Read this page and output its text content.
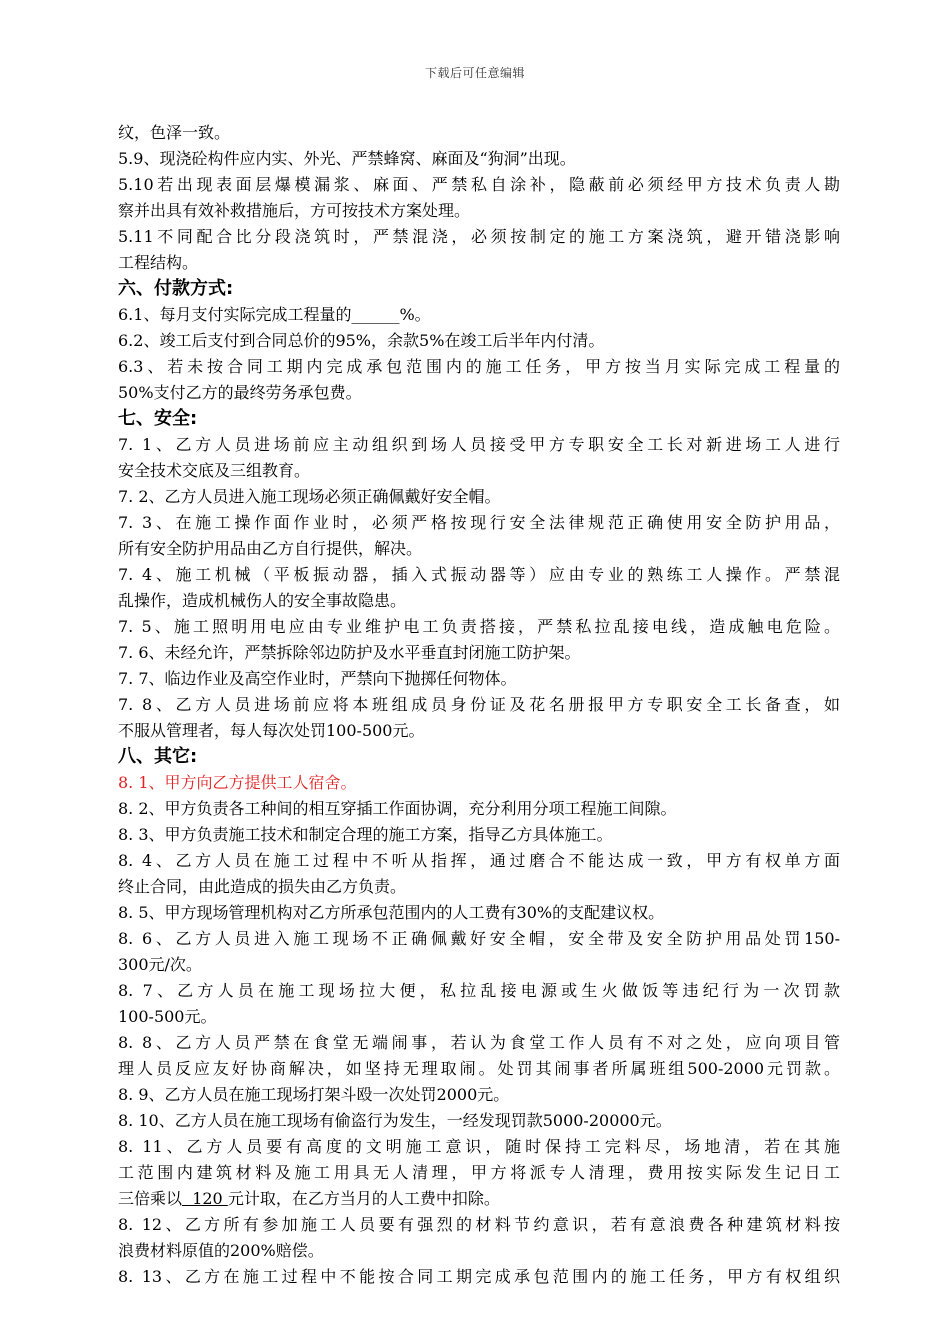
下载后可任意编辑
纹，色泽一致。
5.9、现浇砼构件应内实、外光、严禁蜂窝、麻面及“狗洞”出现。
5.10若出现表面层爆模漏浆、麻面、严禁私自涂补，隐蔽前必须经甲方技术负责人勘
察并出具有效补救措施后，方可按技术方案处理。
5.11不同配合比分段浇筑时，严禁混浇，必须按制定的施工方案浇筑，避开错浇影响
工程结构。
六、付款方式:
6.1、每月支付实际完成工程量的______%。
6.2、竣工后支付到合同总价的95%，余款5%在竣工后半年内付清。
6.3、若未按合同工期内完成承包范围内的施工任务，甲方按当月实际完成工程量的
50%支付乙方的最终劳务承包费。
七、安全:
7. 1、乙方人员进场前应主动组织到场人员接受甲方专职安全工长对新进场工人进行
安全技术交底及三组教育。
7. 2、乙方人员进入施工现场必须正确佩戴好安全帽。
7. 3、在施工操作面作业时，必须严格按现行安全法律规范正确使用安全防护用品，
所有安全防护用品由乙方自行提供，解决。
7. 4、施工机械（平板振动器，插入式振动器等）应由专业的熟练工人操作。严禁混
乱操作，造成机械伤人的安全事故隐患。
7. 5、施工照明用电应由专业维护电工负责搭接，严禁私拉乱接电线，造成触电危险。
7. 6、未经允许，严禁拆除邻边防护及水平垂直封闭施工防护架。
7. 7、临边作业及高空作业时，严禁向下抛掷任何物体。
7. 8、乙方人员进场前应将本班组成员身份证及花名册报甲方专职安全工长备查，如
不服从管理者，每人每次处罚100-500元。
八、其它:
8. 1、甲方向乙方提供工人宿舍。
8. 2、甲方负责各工种间的相互穿插工作面协调，充分利用分项工程施工间隙。
8. 3、甲方负责施工技术和制定合理的施工方案，指导乙方具体施工。
8. 4、乙方人员在施工过程中不听从指挥，通过磨合不能达成一致，甲方有权单方面
终止合同，由此造成的损失由乙方负责。
8. 5、甲方现场管理机构对乙方所承包范围内的人工费有30%的支配建议权。
8. 6、乙方人员进入施工现场不正确佩戴好安全帽，安全带及安全防护用品处罚150-
300元/次。
8. 7、乙方人员在施工现场拉大便，私拉乱接电源或生火做饭等违纪行为一次罚款
100-500元。
8. 8、乙方人员严禁在食堂无端闹事，若认为食堂工作人员有不对之处，应向项目管
理人员反应友好协商解决，如坚持无理取闹。处罚其闹事者所属班组500-2000元罚款。
8. 9、乙方人员在施工现场打架斗殴一次处罚2000元。
8. 10、乙方人员在施工现场有偷盗行为发生，一经发现罚款5000-20000元。
8. 11、乙方人员要有高度的文明施工意识，随时保持工完料尽，场地清，若在其施
工范围内建筑材料及施工用具无人清理，甲方将派专人清理，费用按实际发生记日工
三倍乘以  120 元计取，在乙方当月的人工费中扣除。
8. 12、乙方所有参加施工人员要有强烈的材料节约意识，若有意浪费各种建筑材料按
浪费材料原值的200%赔偿。
8. 13、乙方在施工过程中不能按合同工期完成承包范围内的施工任务，甲方有权组织
